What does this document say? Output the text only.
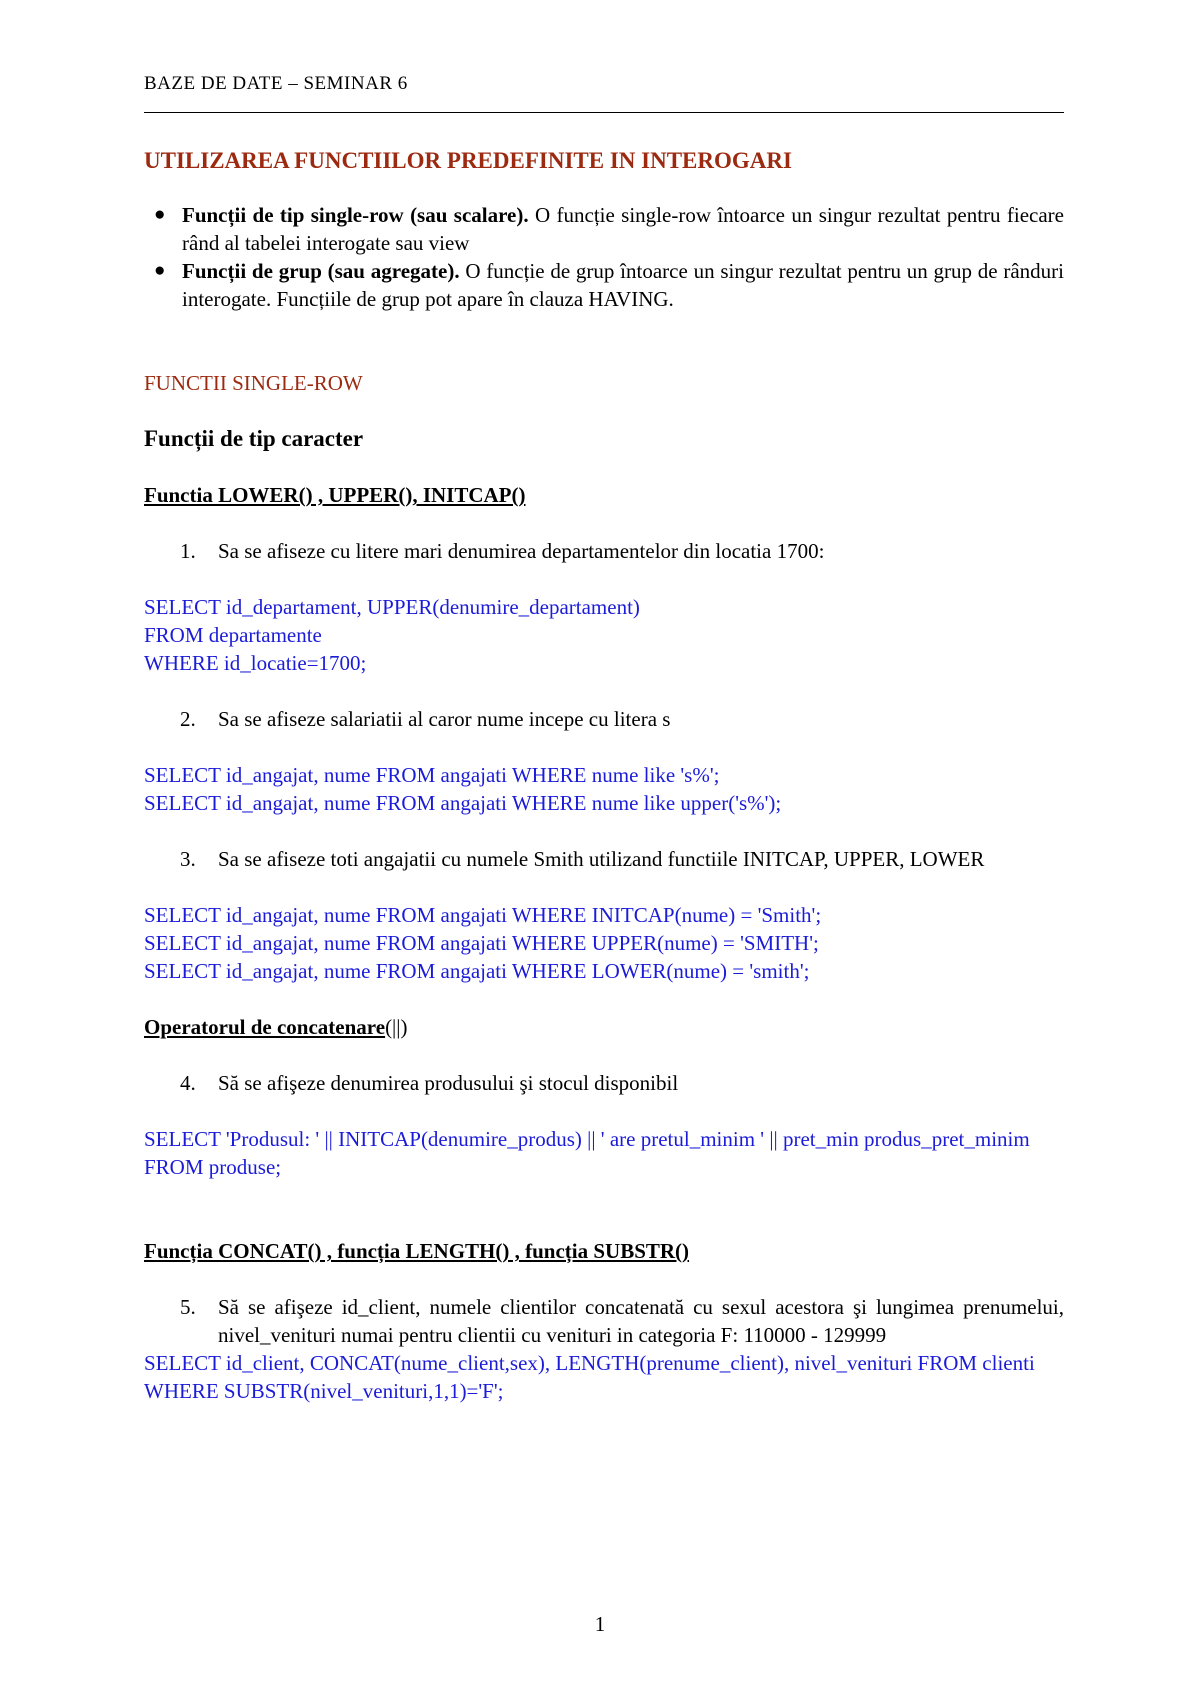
BAZE DE DATE – SEMINAR 6

UTILIZAREA FUNCTIILOR PREDEFINITE IN INTEROGARI

● Funcții de tip single-row (sau scalare). O funcție single-row întoarce un singur rezultat pentru fiecare rând al tabelei interogate sau view
● Funcții de grup (sau agregate). O funcție de grup întoarce un singur rezultat pentru un grup de rânduri interogate. Funcțiile de grup pot apare în clauza HAVING.

FUNCTII SINGLE-ROW

Funcții de tip caracter

Functia LOWER() , UPPER(), INITCAP()

1. Sa se afiseze cu litere mari denumirea departamentelor din locatia 1700:

SELECT id_departament, UPPER(denumire_departament)

FROM departamente

WHERE id_locatie=1700;

2. Sa se afiseze salariatii al caror nume incepe cu litera s

SELECT id_angajat, nume FROM angajati WHERE nume like 's%';

SELECT id_angajat, nume FROM angajati WHERE nume like upper('s%');

3. Sa se afiseze toti angajatii cu numele Smith utilizand functiile INITCAP, UPPER, LOWER

SELECT id_angajat, nume FROM angajati WHERE INITCAP(nume) = 'Smith';

SELECT id_angajat, nume FROM angajati WHERE UPPER(nume) = 'SMITH';

SELECT id_angajat, nume FROM angajati WHERE LOWER(nume) = 'smith';

Operatorul de concatenare(||)

4. Să se afişeze denumirea produsului şi stocul disponibil

SELECT 'Produsul: ' || INITCAP(denumire_produs) || ' are pretul_minim ' || pret_min produs_pret_minim

FROM produse;

Funcția CONCAT() , funcția LENGTH() , funcția SUBSTR()

5. Să se afişeze id_client, numele clientilor concatenată cu sexul acestora şi lungimea prenumelui, nivel_venituri numai pentru clientii cu venituri in categoria F: 110000 - 129999

SELECT id_client, CONCAT(nume_client,sex), LENGTH(prenume_client), nivel_venituri FROM clienti

WHERE SUBSTR(nivel_venituri,1,1)='F';

1
